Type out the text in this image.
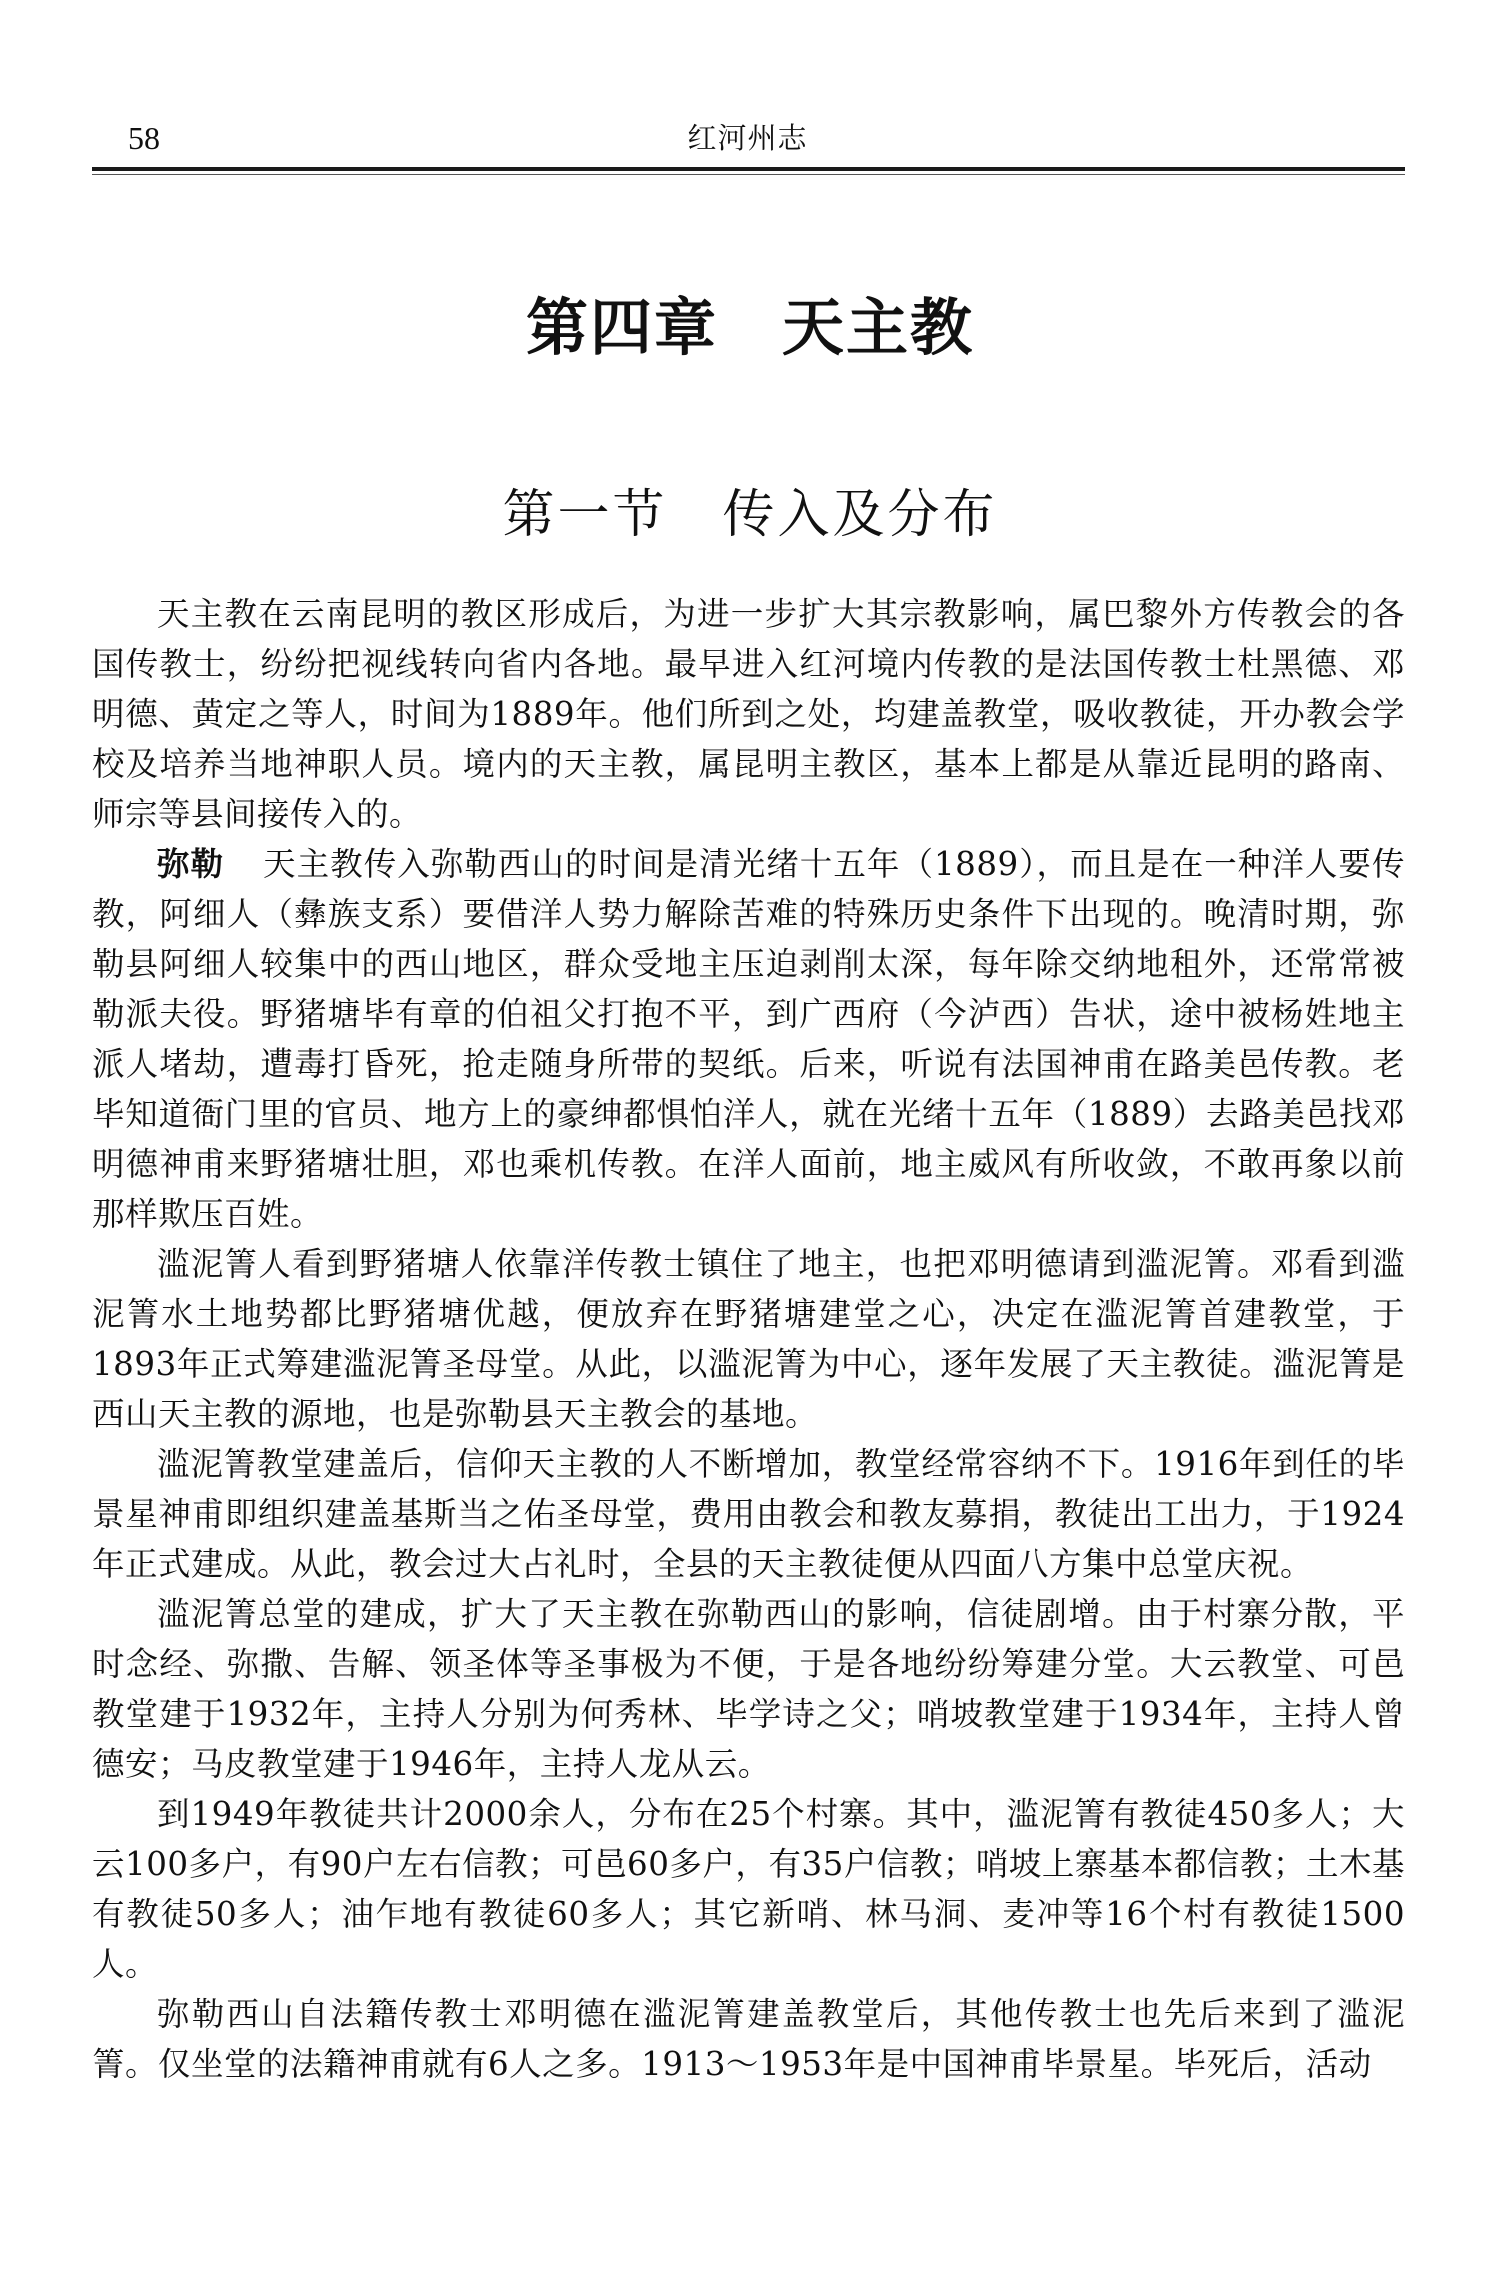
58	红河州志
第四章　天主教
第一节　传入及分布

天主教在云南昆明的教区形成后，为进一步扩大其宗教影响，属巴黎外方传教会的各国传教士，纷纷把视线转向省内各地。最早进入红河境内传教的是法国传教士杜黑德、邓明德、黄定之等人，时间为1889年。他们所到之处，均建盖教堂，吸收教徒，开办教会学校及培养当地神职人员。境内的天主教，属昆明主教区，基本上都是从靠近昆明的路南、师宗等县间接传入的。

弥勒 天主教传入弥勒西山的时间是清光绪十五年（1889），而且是在一种洋人要传教，阿细人（彝族支系）要借洋人势力解除苦难的特殊历史条件下出现的。晚清时期，弥勒县阿细人较集中的西山地区，群众受地主压迫剥削太深，每年除交纳地租外，还常常被勒派夫役。野猪塘毕有章的伯祖父打抱不平，到广西府（今泸西）告状，途中被杨姓地主派人堵劫，遭毒打昏死，抢走随身所带的契纸。后来，听说有法国神甫在路美邑传教。老毕知道衙门里的官员、地方上的豪绅都惧怕洋人，就在光绪十五年（1889）去路美邑找邓明德神甫来野猪塘壮胆，邓也乘机传教。在洋人面前，地主威风有所收敛，不敢再象以前那样欺压百姓。

滥泥箐人看到野猪塘人依靠洋传教士镇住了地主，也把邓明德请到滥泥箐。邓看到滥泥箐水土地势都比野猪塘优越，便放弃在野猪塘建堂之心，决定在滥泥箐首建教堂，于1893年正式筹建滥泥箐圣母堂。从此，以滥泥箐为中心，逐年发展了天主教徒。滥泥箐是西山天主教的源地，也是弥勒县天主教会的基地。

滥泥箐教堂建盖后，信仰天主教的人不断增加，教堂经常容纳不下。1916年到任的毕景星神甫即组织建盖基斯当之佑圣母堂，费用由教会和教友募捐，教徒出工出力，于1924年正式建成。从此，教会过大占礼时，全县的天主教徒便从四面八方集中总堂庆祝。

滥泥箐总堂的建成，扩大了天主教在弥勒西山的影响，信徒剧增。由于村寨分散，平时念经、弥撒、告解、领圣体等圣事极为不便，于是各地纷纷筹建分堂。大云教堂、可邑教堂建于1932年，主持人分别为何秀林、毕学诗之父；哨坡教堂建于1934年，主持人曾德安；马皮教堂建于1946年，主持人龙从云。

到1949年教徒共计2000余人，分布在25个村寨。其中，滥泥箐有教徒450多人；大云100多户，有90户左右信教；可邑60多户，有35户信教；哨坡上寨基本都信教；土木基有教徒50多人；油乍地有教徒60多人；其它新哨、林马洞、麦冲等16个村有教徒1500人。

弥勒西山自法籍传教士邓明德在滥泥箐建盖教堂后，其他传教士也先后来到了滥泥箐。仅坐堂的法籍神甫就有6人之多。1913～1953年是中国神甫毕景星。毕死后，活动
